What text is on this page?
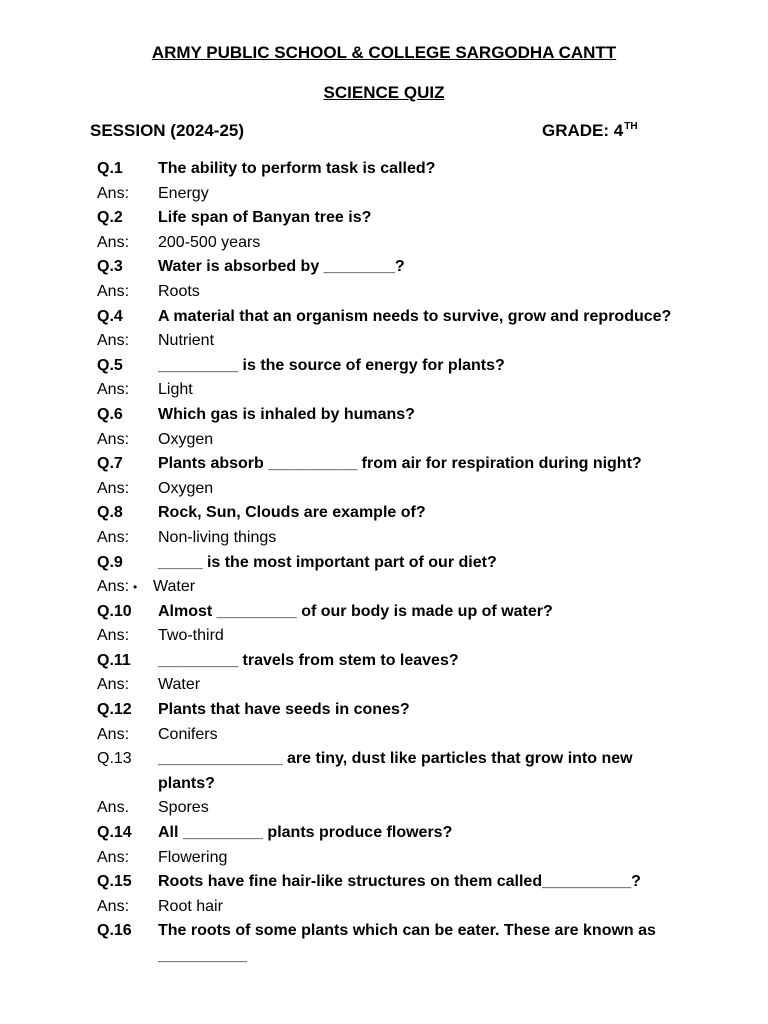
ARMY PUBLIC SCHOOL & COLLEGE SARGODHA CANTT
SCIENCE QUIZ
SESSION (2024-25)	GRADE: 4TH
Q.1 The ability to perform task is called?
Ans: Energy
Q.2 Life span of Banyan tree is?
Ans: 200-500 years
Q.3 Water is absorbed by ________?
Ans: Roots
Q.4 A material that an organism needs to survive, grow and reproduce?
Ans: Nutrient
Q.5 _________ is the source of energy for plants?
Ans: Light
Q.6 Which gas is inhaled by humans?
Ans: Oxygen
Q.7 Plants absorb __________ from air for respiration during night?
Ans: Oxygen
Q.8 Rock, Sun, Clouds are example of?
Ans: Non-living things
Q.9 _____ is the most important part of our diet?
Ans: • Water
Q.10 Almost _________ of our body is made up of water?
Ans: Two-third
Q.11 _________ travels from stem to leaves?
Ans: Water
Q.12 Plants that have seeds in cones?
Ans: Conifers
Q.13 ______________ are tiny, dust like particles that grow into new
plants?
Ans. Spores
Q.14 All _________ plants produce flowers?
Ans: Flowering
Q.15 Roots have fine hair-like structures on them called__________?
Ans: Root hair
Q.16 The roots of some plants which can be eater. These are known as
__________
